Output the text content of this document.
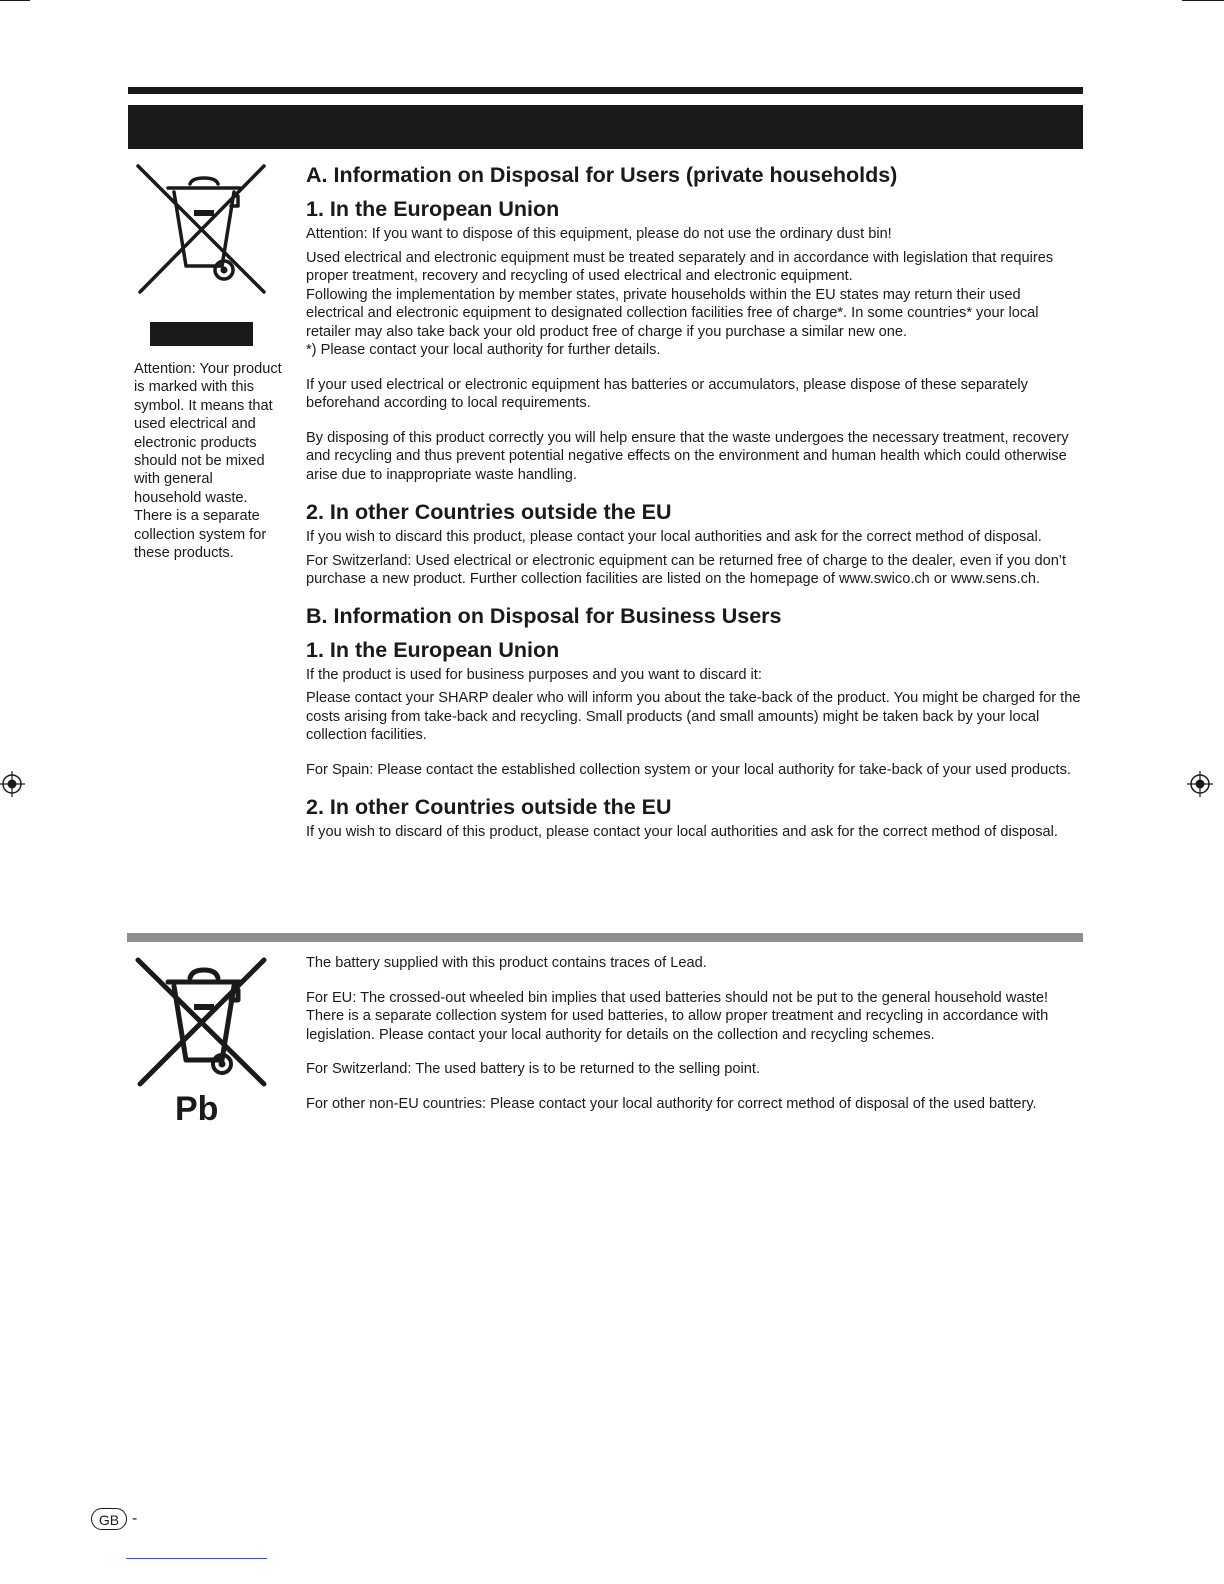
Attention: Your product is marked with this symbol. It means that used electrical and electronic products should not be mixed with general household waste. There is a separate collection system for these products.
A. Information on Disposal for Users (private households)
1. In the European Union

Attention: If you want to dispose of this equipment, please do not use the ordinary dust bin!

Used electrical and electronic equipment must be treated separately and in accordance with legislation that requires proper treatment, recovery and recycling of used electrical and electronic equipment.

Following the implementation by member states, private households within the EU states may return their used electrical and electronic equipment to designated collection facilities free of charge*. In some countries* your local retailer may also take back your old product free of charge if you purchase a similar new one.

*) Please contact your local authority for further details.

If your used electrical or electronic equipment has batteries or accumulators, please dispose of these separately beforehand according to local requirements.

By disposing of this product correctly you will help ensure that the waste undergoes the necessary treatment, recovery and recycling and thus prevent potential negative effects on the environment and human health which could otherwise arise due to inappropriate waste handling.

2. In other Countries outside the EU

If you wish to discard this product, please contact your local authorities and ask for the correct method of disposal.

For Switzerland: Used electrical or electronic equipment can be returned free of charge to the dealer, even if you don’t purchase a new product. Further collection facilities are listed on the homepage of www.swico.ch or www.sens.ch.

B. Information on Disposal for Business Users
1. In the European Union

If the product is used for business purposes and you want to discard it:

Please contact your SHARP dealer who will inform you about the take-back of the product. You might be charged for the costs arising from take-back and recycling. Small products (and small amounts) might be taken back by your local collection facilities.

For Spain: Please contact the established collection system or your local authority for take-back of your used products.

2. In other Countries outside the EU

If you wish to discard of this product, please contact your local authorities and ask for the correct method of disposal.

Pb

The battery supplied with this product contains traces of Lead.

For EU: The crossed-out wheeled bin implies that used batteries should not be put to the general household waste! There is a separate collection system for used batteries, to allow proper treatment and recycling in accordance with legislation. Please contact your local authority for details on the collection and recycling schemes.

For Switzerland: The used battery is to be returned to the selling point.

For other non-EU countries: Please contact your local authority for correct method of disposal of the used battery.

GB -
